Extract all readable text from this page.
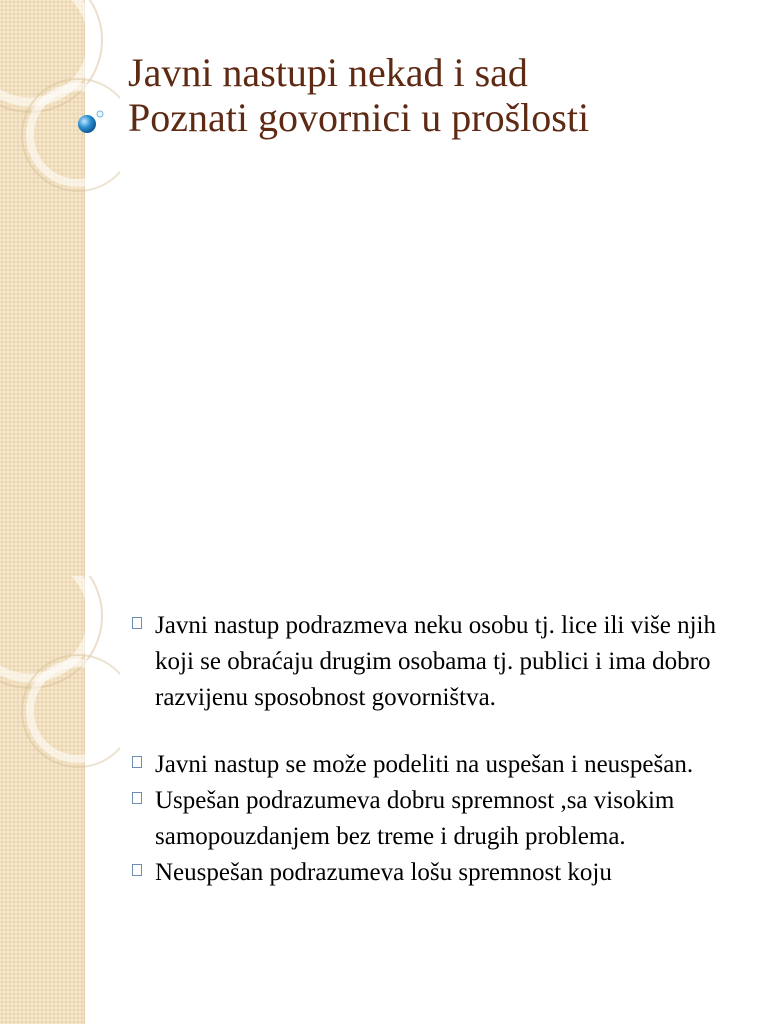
Javni nastupi nekad i sad
Poznati govornici u prošlosti
Javni nastup podrazmeva neku osobu tj. lice ili više njih koji se obraćaju drugim osobama tj. publici i ima dobro razvijenu sposobnost govorništva.
Javni nastup se može podeliti na uspešan i neuspešan.
Uspešan podrazumeva dobru spremnost ,sa visokim samopouzdanjem bez treme i drugih problema.
Neuspešan podrazumeva lošu spremnost koju
